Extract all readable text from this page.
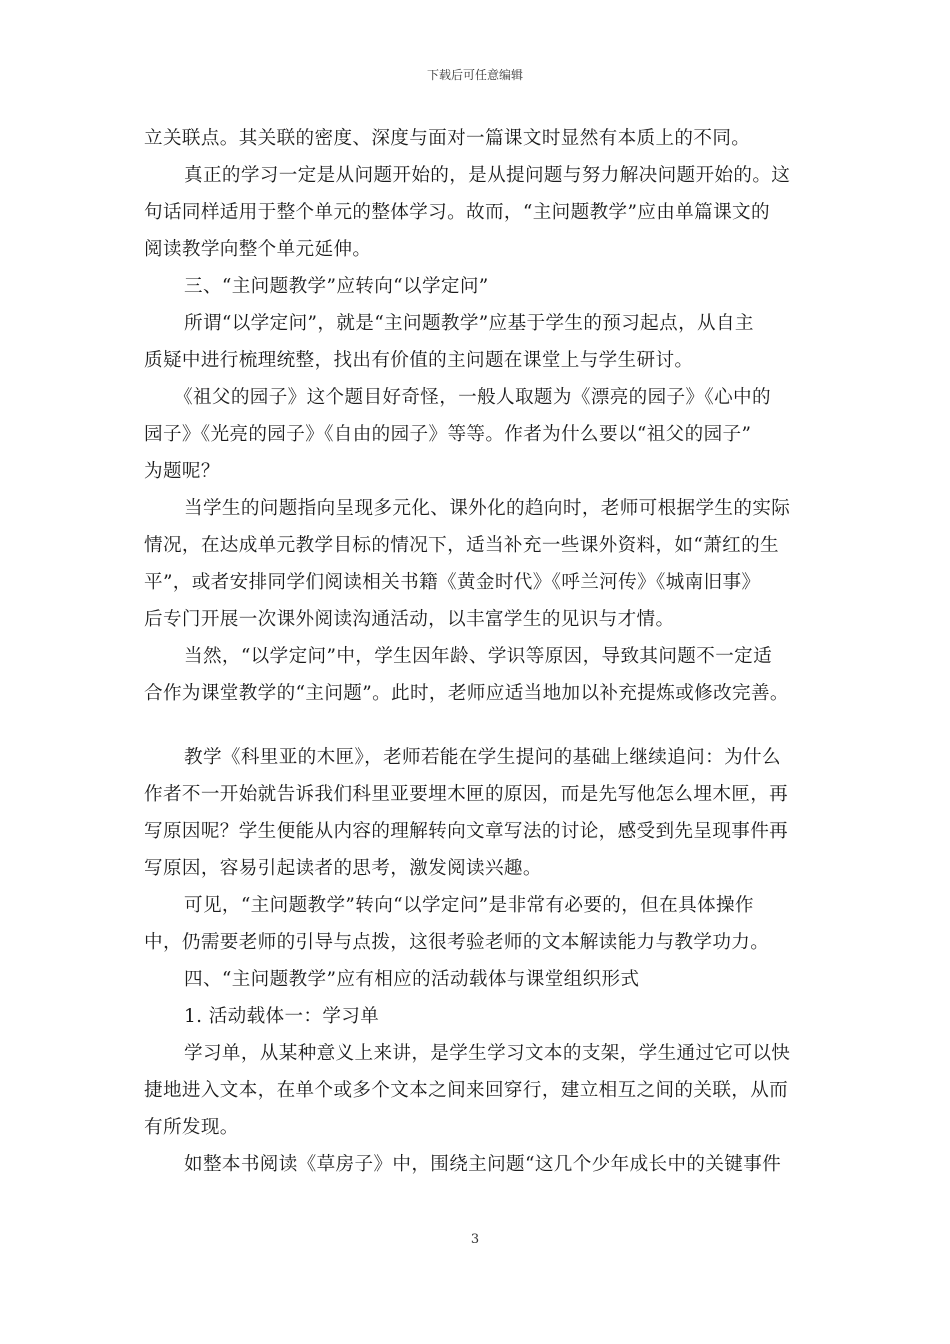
下载后可任意编辑
立关联点。其关联的密度、深度与面对一篇课文时显然有本质上的不同。
真正的学习一定是从问题开始的，是从提问题与努力解决问题开始的。这
句话同样适用于整个单元的整体学习。故而，“主问题教学”应由单篇课文的
阅读教学向整个单元延伸。
三、“主问题教学”应转向“以学定问”
所谓“以学定问”，就是“主问题教学”应基于学生的预习起点，从自主
质疑中进行梳理统整，找出有价值的主问题在课堂上与学生研讨。
《祖父的园子》这个题目好奇怪，一般人取题为《漂亮的园子》《心中的
园子》《光亮的园子》《自由的园子》等等。作者为什么要以“祖父的园子”
为题呢？
当学生的问题指向呈现多元化、课外化的趋向时，老师可根据学生的实际
情况，在达成单元教学目标的情况下，适当补充一些课外资料，如“萧红的生
平”，或者安排同学们阅读相关书籍《黄金时代》《呼兰河传》《城南旧事》
后专门开展一次课外阅读沟通活动，以丰富学生的见识与才情。
当然，“以学定问”中，学生因年龄、学识等原因，导致其问题不一定适
合作为课堂教学的“主问题”。此时，老师应适当地加以补充提炼或修改完善。
教学《科里亚的木匣》，老师若能在学生提问的基础上继续追问：为什么
作者不一开始就告诉我们科里亚要埋木匣的原因，而是先写他怎么埋木匣，再
写原因呢？学生便能从内容的理解转向文章写法的讨论，感受到先呈现事件再
写原因，容易引起读者的思考，激发阅读兴趣。
可见，“主问题教学”转向“以学定问”是非常有必要的，但在具体操作
中，仍需要老师的引导与点拨，这很考验老师的文本解读能力与教学功力。
四、“主问题教学”应有相应的活动载体与课堂组织形式
1. 活动载体一：学习单
学习单，从某种意义上来讲，是学生学习文本的支架，学生通过它可以快
捷地进入文本，在单个或多个文本之间来回穿行，建立相互之间的关联，从而
有所发现。
如整本书阅读《草房子》中，围绕主问题“这几个少年成长中的关键事件
3
